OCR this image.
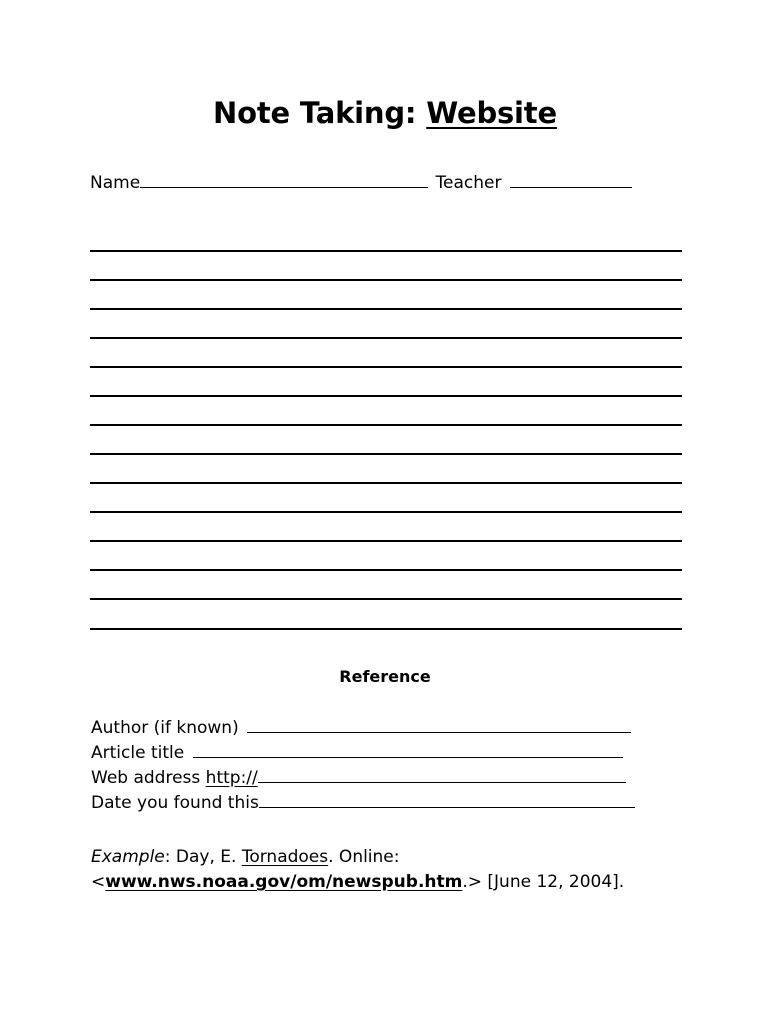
Note Taking: Website
Name	Teacher
Reference
Author (if known)
Article title
Web address http://
Date you found this
Example: Day, E. Tornadoes. Online:
<www.nws.noaa.gov/om/newspub.htm.> [June 12, 2004].
